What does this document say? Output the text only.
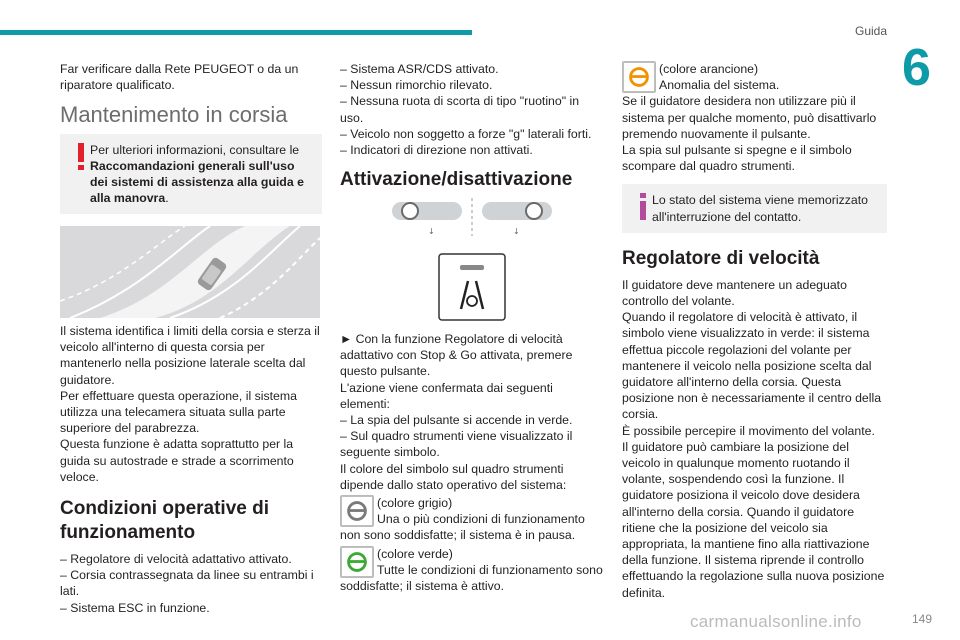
Guida
6

Far verificare dalla Rete PEUGEOT o da un riparatore qualificato.

Mantenimento in corsia
Per ulteriori informazioni, consultare le Raccomandazioni generali sull'uso dei sistemi di assistenza alla guida e alla manovra.

Il sistema identifica i limiti della corsia e sterza il veicolo all'interno di questa corsia per mantenerlo nella posizione laterale scelta dal guidatore.

Per effettuare questa operazione, il sistema utilizza una telecamera situata sulla parte superiore del parabrezza.

Questa funzione è adatta soprattutto per la guida su autostrade e strade a scorrimento veloce.

Condizioni operative di funzionamento

– Regolatore di velocità adattativo attivato.

– Corsia contrassegnata da linee su entrambi i lati.

– Sistema ESC in funzione.

– Sistema ASR/CDS attivato.

– Nessun rimorchio rilevato.

– Nessuna ruota di scorta di tipo "ruotino" in uso.

– Veicolo non soggetto a forze "g" laterali forti.

– Indicatori di direzione non attivati.

Attivazione/disattivazione
↓	↓

► Con la funzione Regolatore di velocità adattativo con Stop & Go attivata, premere questo pulsante.

L'azione viene confermata dai seguenti elementi:

– La spia del pulsante si accende in verde.

– Sul quadro strumenti viene visualizzato il seguente simbolo.

Il colore del simbolo sul quadro strumenti dipende dallo stato operativo del sistema:

(colore grigio)

Una o più condizioni di funzionamento non sono soddisfatte; il sistema è in pausa.

(colore verde)

Tutte le condizioni di funzionamento sono soddisfatte; il sistema è attivo.

(colore arancione)

Anomalia del sistema.

Se il guidatore desidera non utilizzare più il sistema per qualche momento, può disattivarlo premendo nuovamente il pulsante.

La spia sul pulsante si spegne e il simbolo scompare dal quadro strumenti.

Lo stato del sistema viene memorizzato all'interruzione del contatto.
Regolatore di velocità

Il guidatore deve mantenere un adeguato controllo del volante.

Quando il regolatore di velocità è attivato, il simbolo viene visualizzato in verde: il sistema effettua piccole regolazioni del volante per mantenere il veicolo nella posizione scelta dal guidatore all'interno della corsia. Questa posizione non è necessariamente il centro della corsia.

È possibile percepire il movimento del volante.

Il guidatore può cambiare la posizione del veicolo in qualunque momento ruotando il volante, sospendendo così la funzione. Il guidatore posiziona il veicolo dove desidera all'interno della corsia. Quando il guidatore ritiene che la posizione del veicolo sia appropriata, la mantiene fino alla riattivazione della funzione. Il sistema riprende il controllo effettuando la regolazione sulla nuova posizione definita.

carmanualsonline.info	149
